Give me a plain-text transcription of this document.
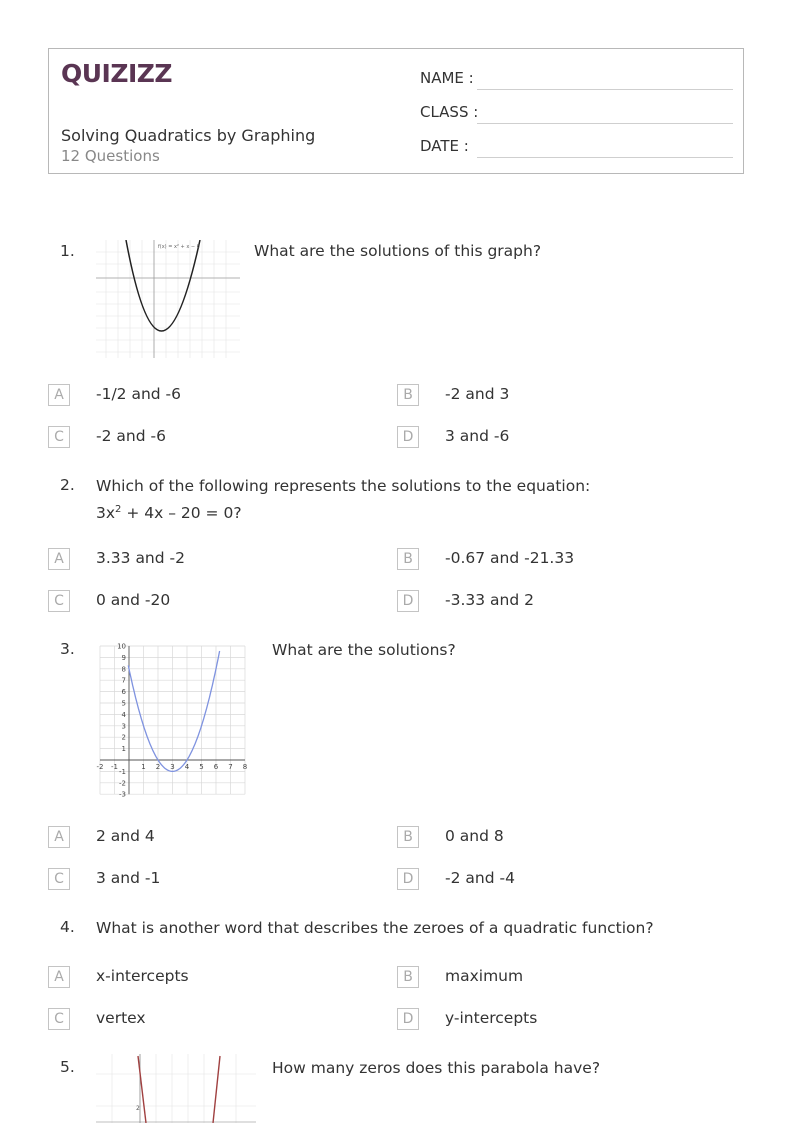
QUIZIZZ
Solving Quadratics by Graphing
12 Questions
NAME :
CLASS :
DATE :
1.	f(x) = x² + x − 6	What are the solutions of this graph?
A	-1/2 and -6	B	-2 and 3
C	-2 and -6	D	3 and -6
2. Which of the following represents the solutions to the equation:
$3x^2 + 4x - 20 = 0$?
A	3.33 and -2	B	-0.67 and -21.33
C	0 and -20	D	-3.33 and 2
3.	10
9
8
7
6
5
4
3
2
1
-1
-2
-3
-2 -1	1 2 3 4 5 6 7 8
What are the solutions?
A	2 and 4	B	0 and 8
C	3 and -1	D	-2 and -4
4. What is another word that describes the zeroes of a quadratic function?
A	x-intercepts	B	maximum
C	vertex	D	y-intercepts
5.
2
How many zeros does this parabola have?
